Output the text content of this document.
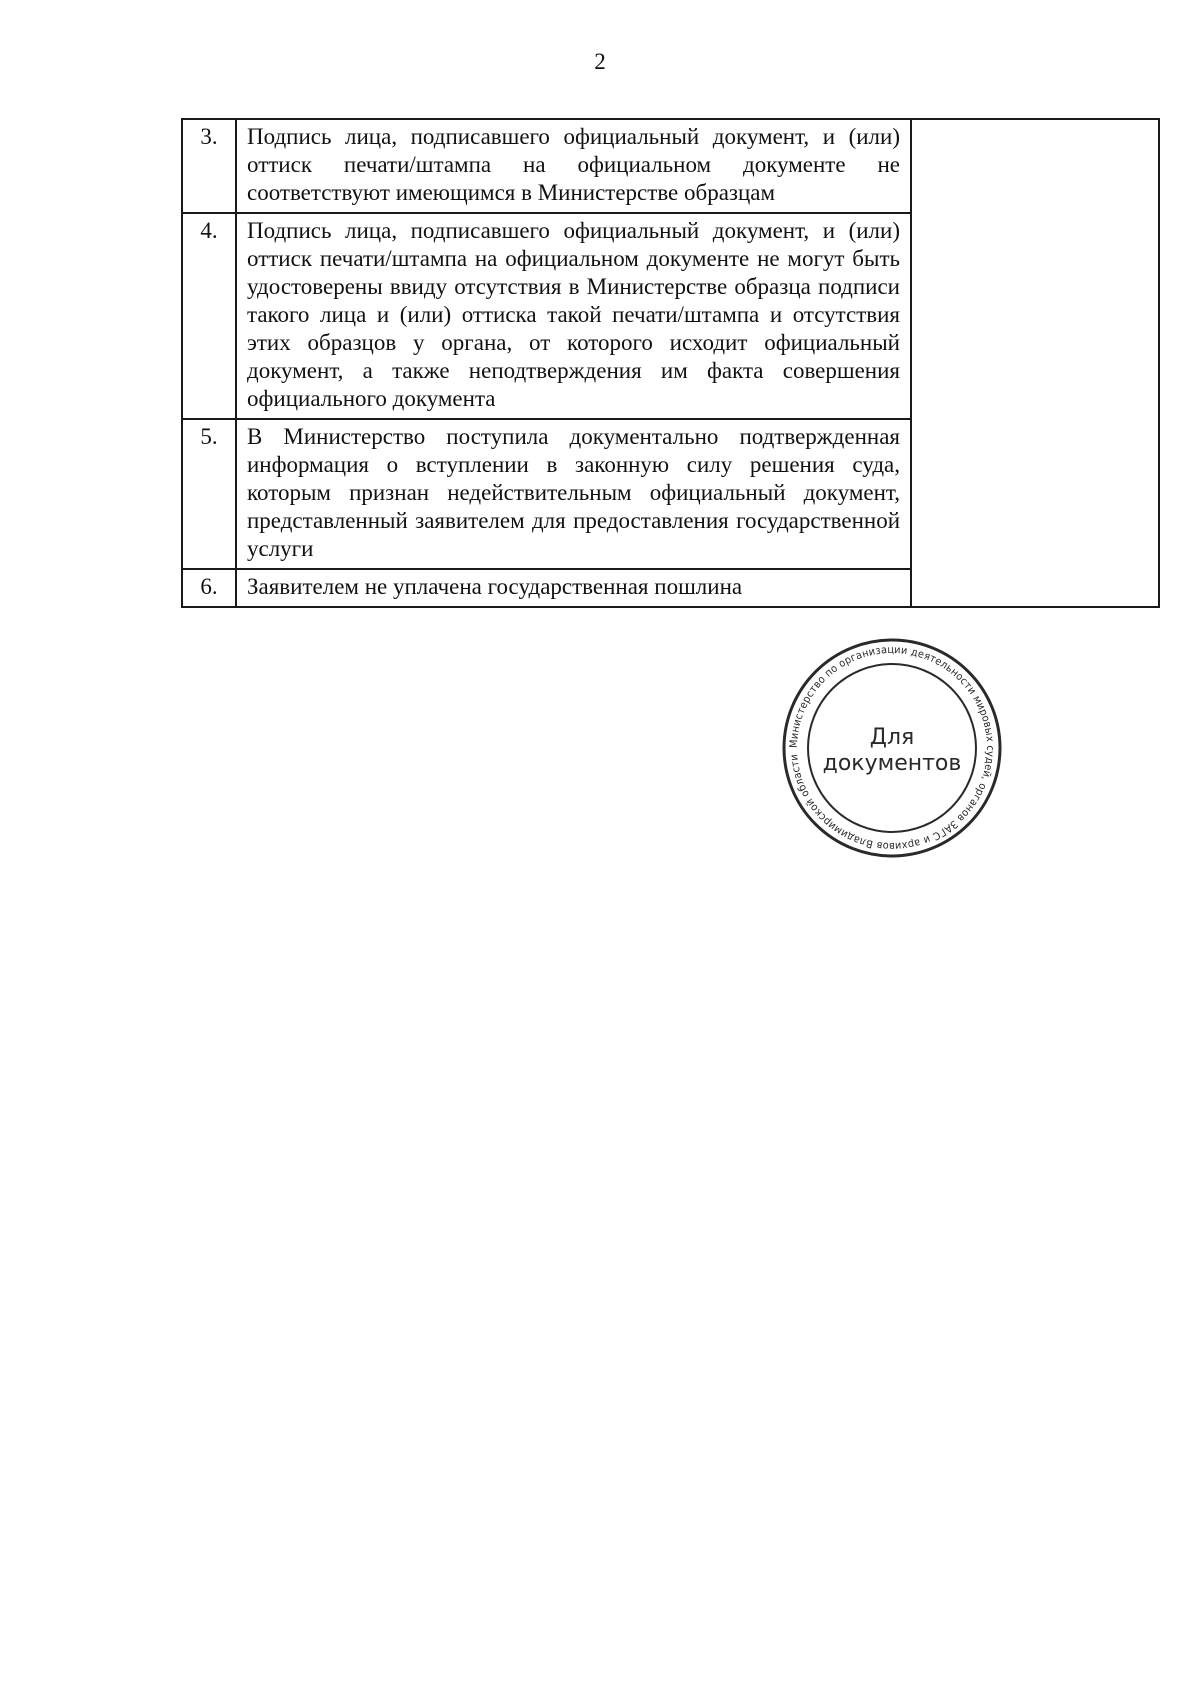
2
3.	Подпись лица, подписавшего официальный документ, и (или) оттиск печати/штампа на официальном документе не соответствуют имеющимся в Министерстве образцам	
4.	Подпись лица, подписавшего официальный документ, и (или) оттиск печати/штампа на официальном документе не могут быть удостоверены ввиду отсутствия в Министерстве образца подписи такого лица и (или) оттиска такой печати/штампа и отсутствия этих образцов у органа, от которого исходит официальный документ, а также неподтверждения им факта совершения официального документа	
5.	В Министерство поступила документально подтвержденная информация о вступлении в законную силу решения суда, которым признан недействительным официальный документ, представленный заявителем для предоставления государственной услуги	
6.	Заявителем не уплачена государственная пошлина	
Министерство по организации деятельности мировых судей, органов ЗАГС и архивов Владимирской области
Для
документов
